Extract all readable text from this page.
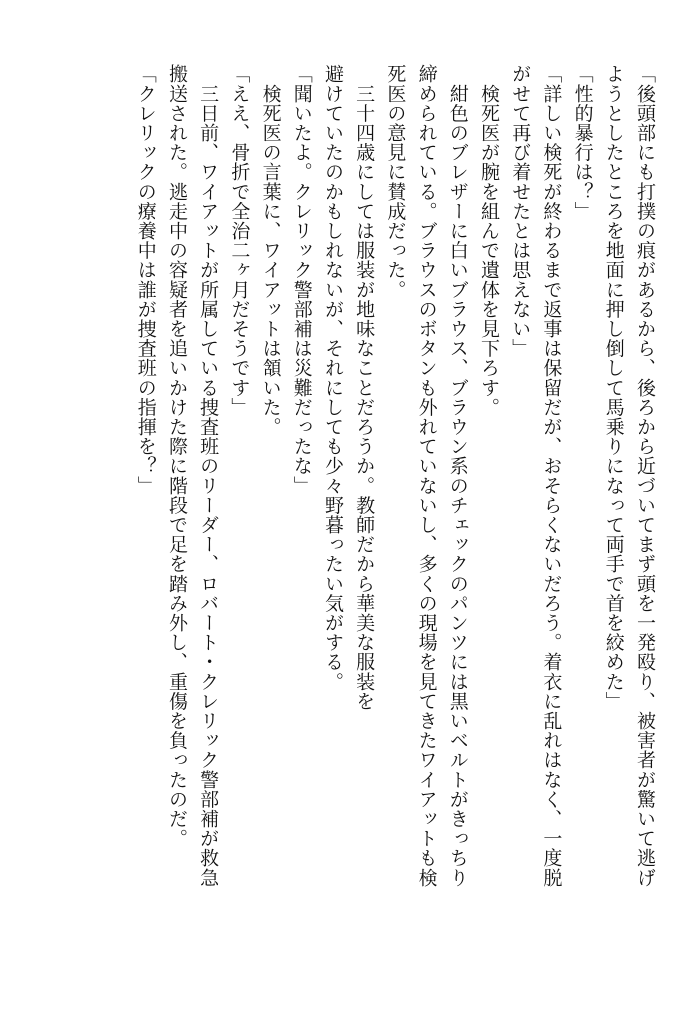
「後頭部にも打撲の痕があるから、後ろから近づいてまず頭を一発殴り、被害者が驚いて逃げ
ようとしたところを地面に押し倒して馬乗りになって両手で首を絞めた」
「性的暴行は？」
「詳しい検死が終わるまで返事は保留だが、おそらくないだろう。着衣に乱れはなく、一度脱
がせて再び着せたとは思えない」
　検死医が腕を組んで遺体を見下ろす。
　紺色のブレザーに白いブラウス、ブラウン系のチェックのパンツには黒いベルトがきっちり
締められている。ブラウスのボタンも外れていないし、多くの現場を見てきたワイアットも検
死医の意見に賛成だった。
　三十四歳にしては服装が地味なことだろうか。教師だから華美な服装を
避けていたのかもしれないが、それにしても少々野暮ったい気がする。
「聞いたよ。クレリック警部補は災難だったな」
　検死医の言葉に、ワイアットは頷いた。
「ええ、骨折で全治二ヶ月だそうです」
　三日前、ワイアットが所属している捜査班のリーダー、ロバート・クレリック警部補が救急
搬送された。逃走中の容疑者を追いかけた際に階段で足を踏み外し、重傷を負ったのだ。
「クレリックの療養中は誰が捜査班の指揮を？」
